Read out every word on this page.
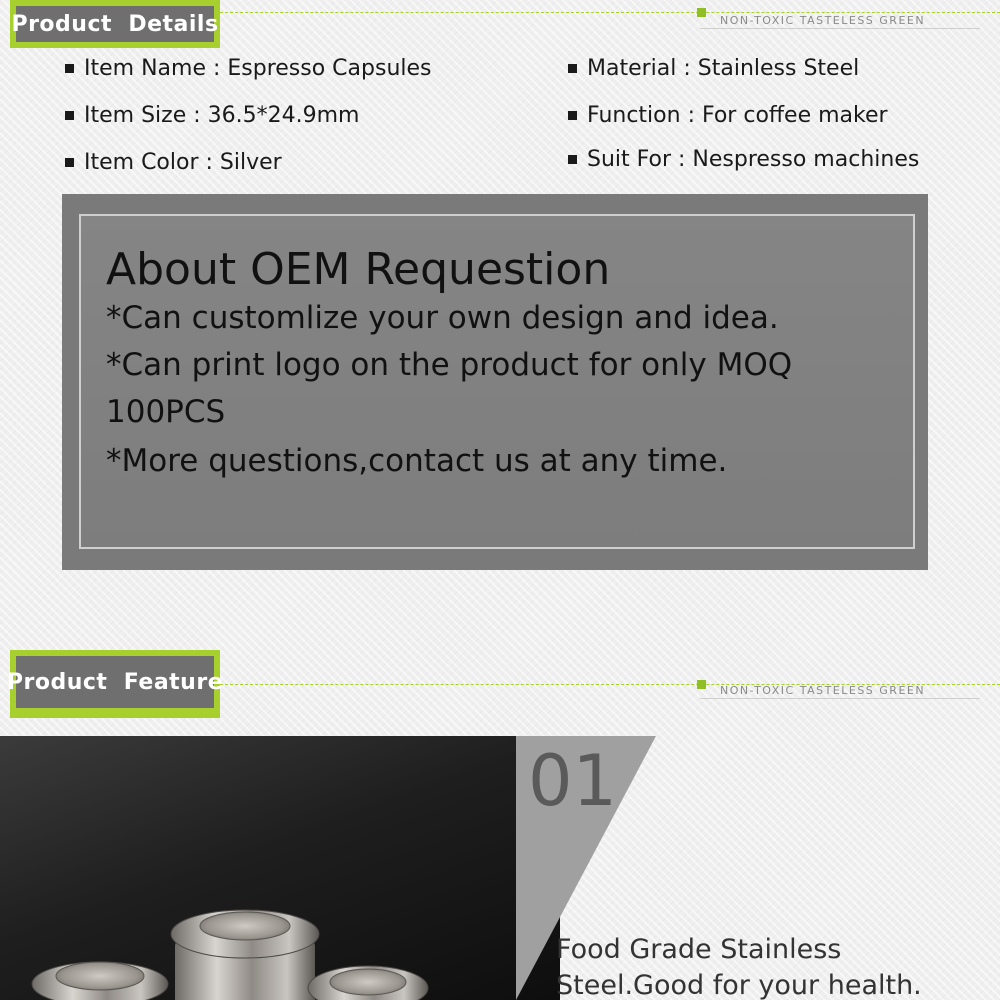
Product  Details	NON-TOXIC TASTELESS GREEN
Item Name : Espresso Capsules
Item Size : 36.5*24.9mm
Item Color : Silver
Material : Stainless Steel
Function : For coffee maker
Suit For : Nespresso machines
About OEM Requestion
*Can customlize your own design and idea.
*Can print logo on the product for only MOQ
100PCS
*More questions,contact us at any time.
Product  Feature	NON-TOXIC TASTELESS GREEN
01
Food Grade Stainless Steel.Good for your health.
